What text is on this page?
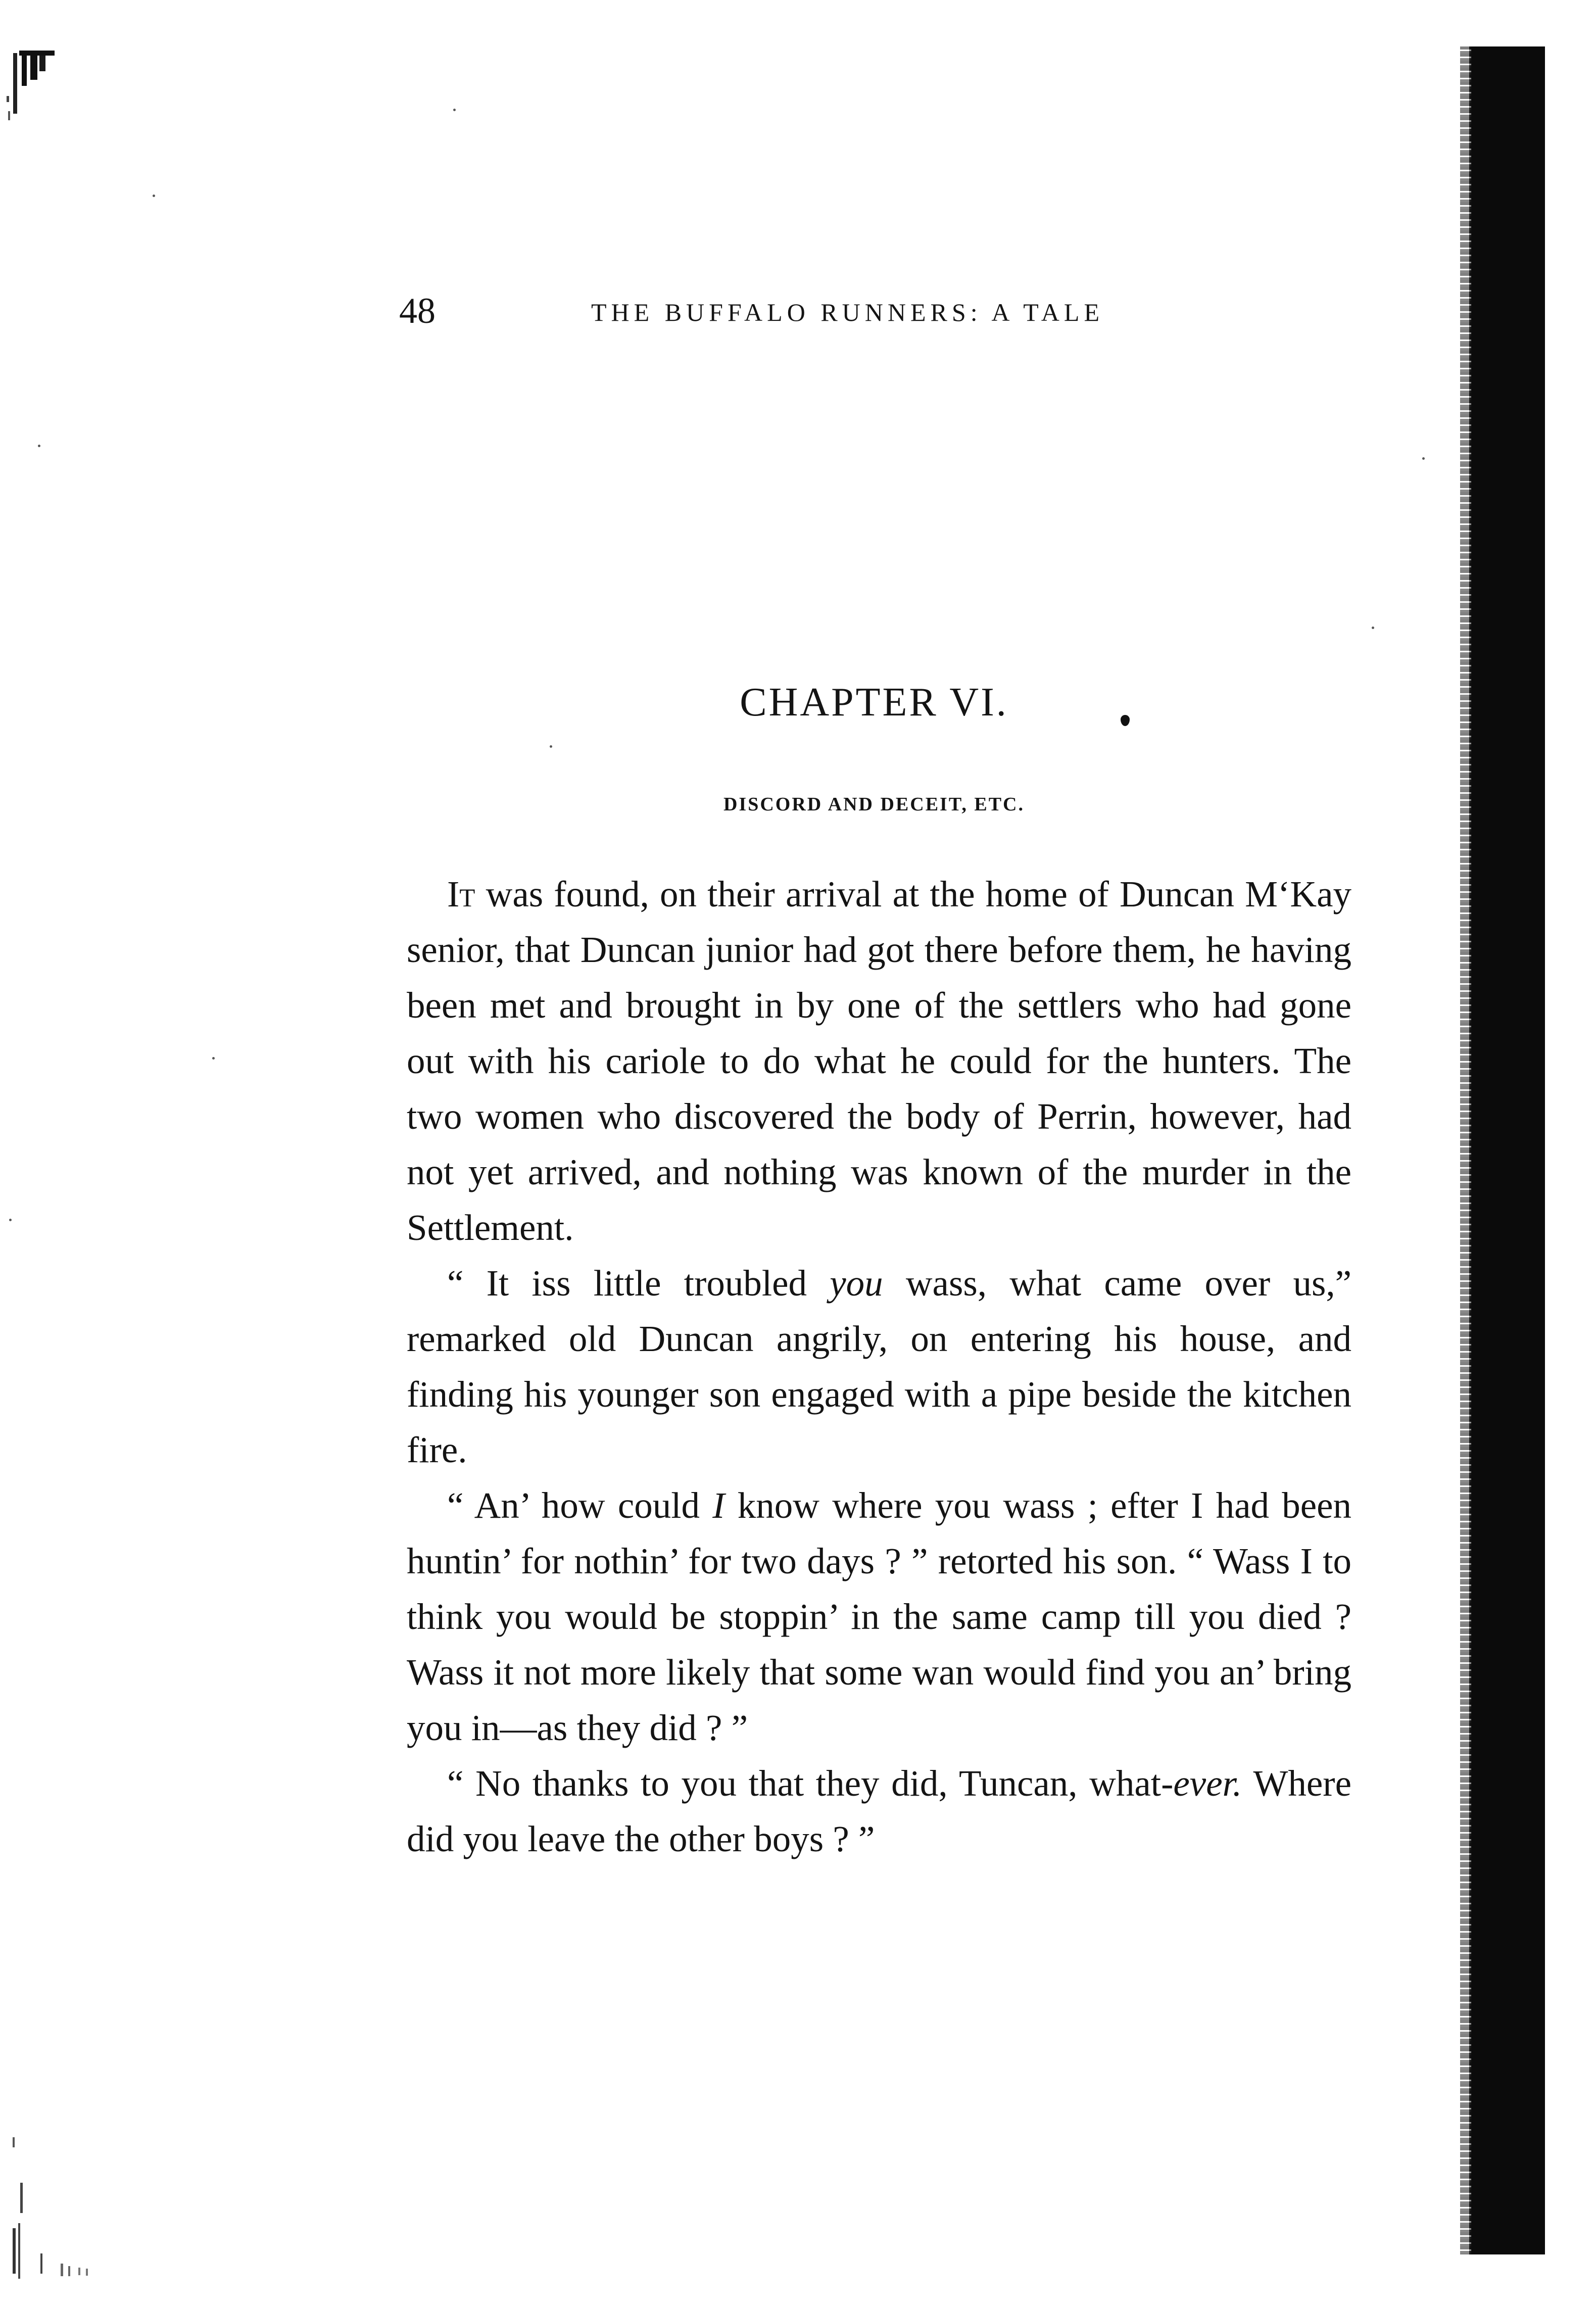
48	THE BUFFALO RUNNERS: A TALE
CHAPTER VI.
DISCORD AND DECEIT, ETC.

It was found, on their arrival at the home of Duncan M‘Kay senior, that Duncan junior had got there before them, he having been met and brought in by one of the settlers who had gone out with his cariole to do what he could for the hunters. The two women who discovered the body of Perrin, however, had not yet arrived, and nothing was known of the murder in the Settlement.

“ It iss little troubled you wass, what came over us,” remarked old Duncan angrily, on entering his house, and finding his younger son engaged with a pipe beside the kitchen fire.

“ An’ how could I know where you wass ; efter I had been huntin’ for nothin’ for two days ? ” retorted his son. “ Wass I to think you would be stoppin’ in the same camp till you died ? Wass it not more likely that some wan would find you an’ bring you in—as they did ? ”

“ No thanks to you that they did, Tuncan, what-ever. Where did you leave the other boys ? ”
